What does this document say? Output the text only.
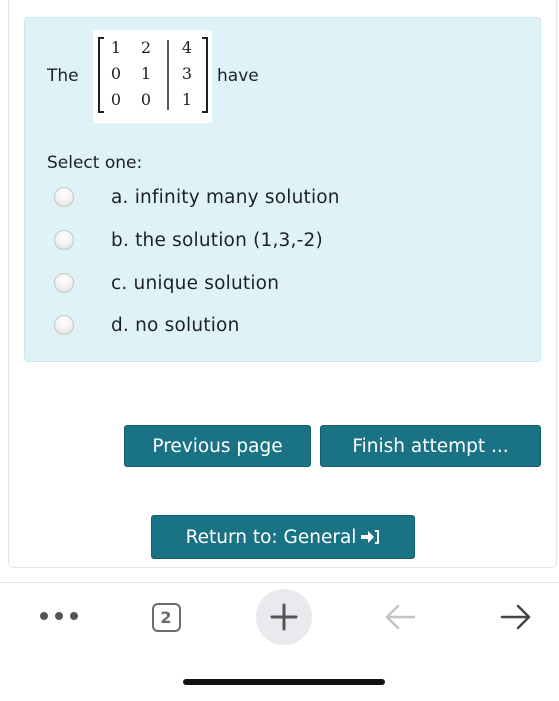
The
1 2 4
0 1 3
0 0 1
have
Select one:
a. infinity many solution
b. the solution (1,3,-2)
c. unique solution
d. no solution
Previous page	Finish attempt ...
Return to: General
2
